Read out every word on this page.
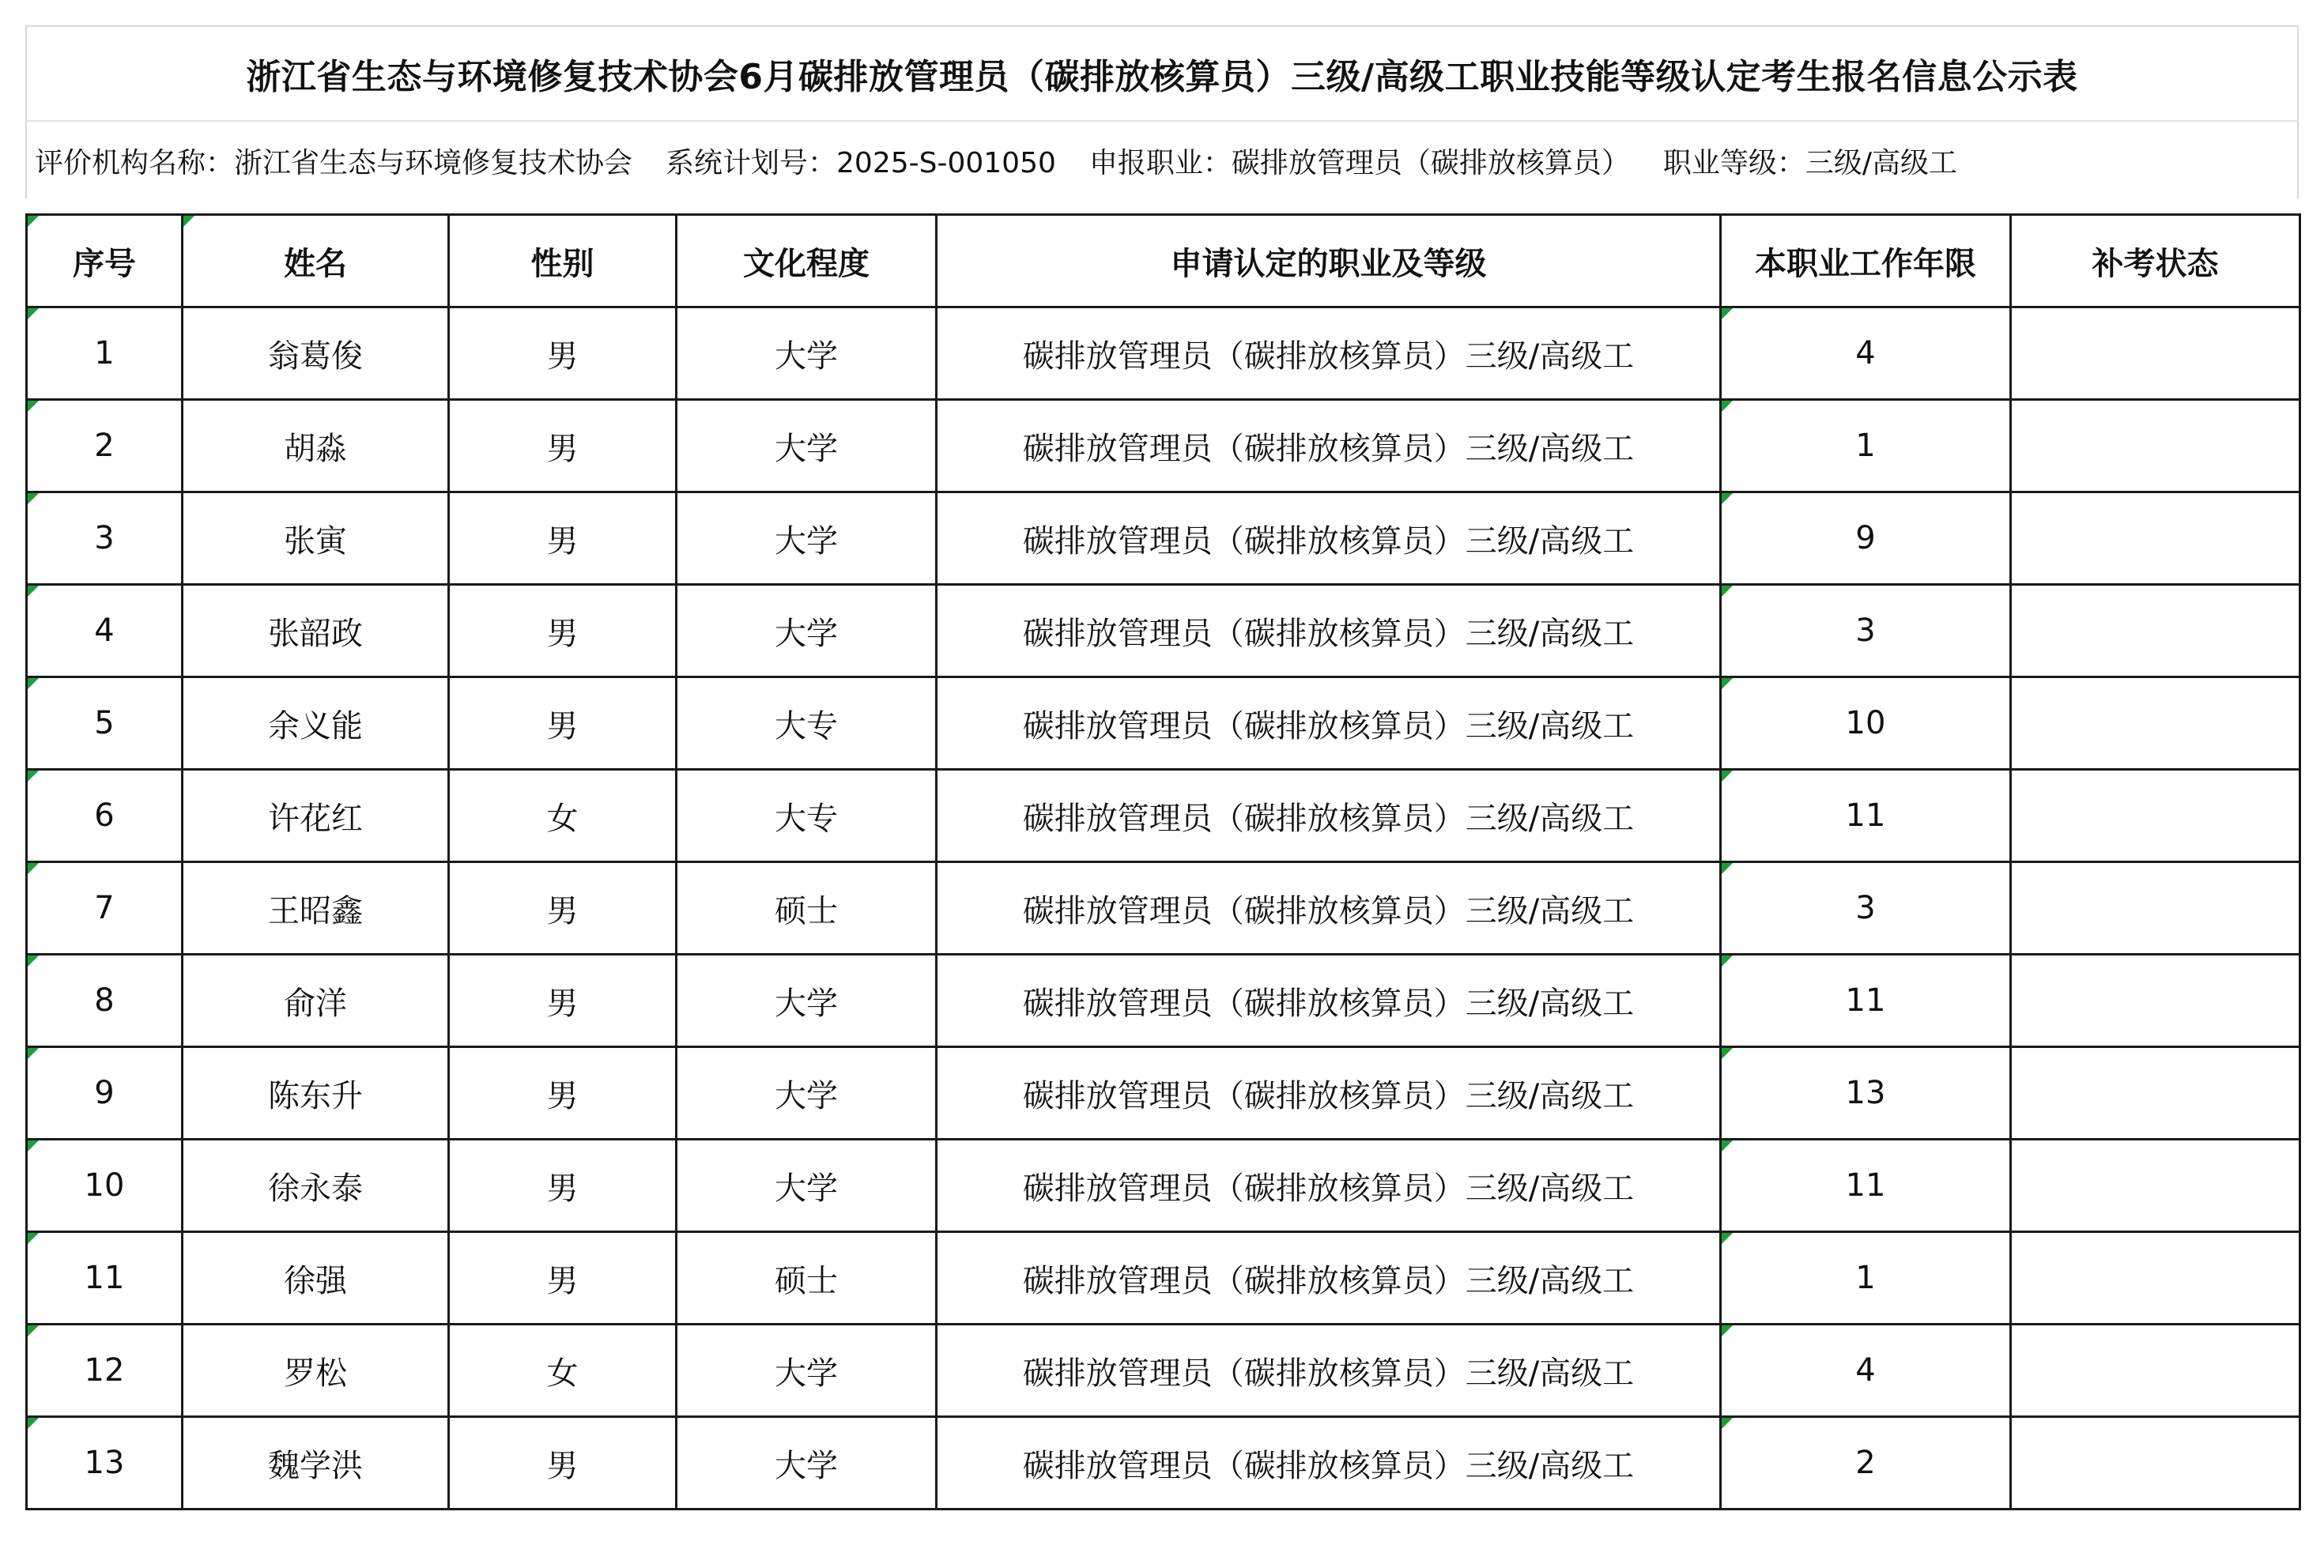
浙江省生态与环境修复技术协会6月碳排放管理员（碳排放核算员）三级/高级工职业技能等级认定考生报名信息公示表
评价机构名称：浙江省生态与环境修复技术协会 系统计划号：2025-S-001050 申报职业：碳排放管理员（碳排放核算员） 职业等级：三级/高级工
序号	姓名	性别	文化程度	申请认定的职业及等级	本职业工作年限	补考状态
1	翁葛俊	男	大学	碳排放管理员（碳排放核算员）三级/高级工	4	
2	胡淼	男	大学	碳排放管理员（碳排放核算员）三级/高级工	1	
3	张寅	男	大学	碳排放管理员（碳排放核算员）三级/高级工	9	
4	张韶政	男	大学	碳排放管理员（碳排放核算员）三级/高级工	3	
5	余义能	男	大专	碳排放管理员（碳排放核算员）三级/高级工	10	
6	许花红	女	大专	碳排放管理员（碳排放核算员）三级/高级工	11	
7	王昭鑫	男	硕士	碳排放管理员（碳排放核算员）三级/高级工	3	
8	俞洋	男	大学	碳排放管理员（碳排放核算员）三级/高级工	11	
9	陈东升	男	大学	碳排放管理员（碳排放核算员）三级/高级工	13	
10	徐永泰	男	大学	碳排放管理员（碳排放核算员）三级/高级工	11	
11	徐强	男	硕士	碳排放管理员（碳排放核算员）三级/高级工	1	
12	罗松	女	大学	碳排放管理员（碳排放核算员）三级/高级工	4	
13	魏学洪	男	大学	碳排放管理员（碳排放核算员）三级/高级工	2	
